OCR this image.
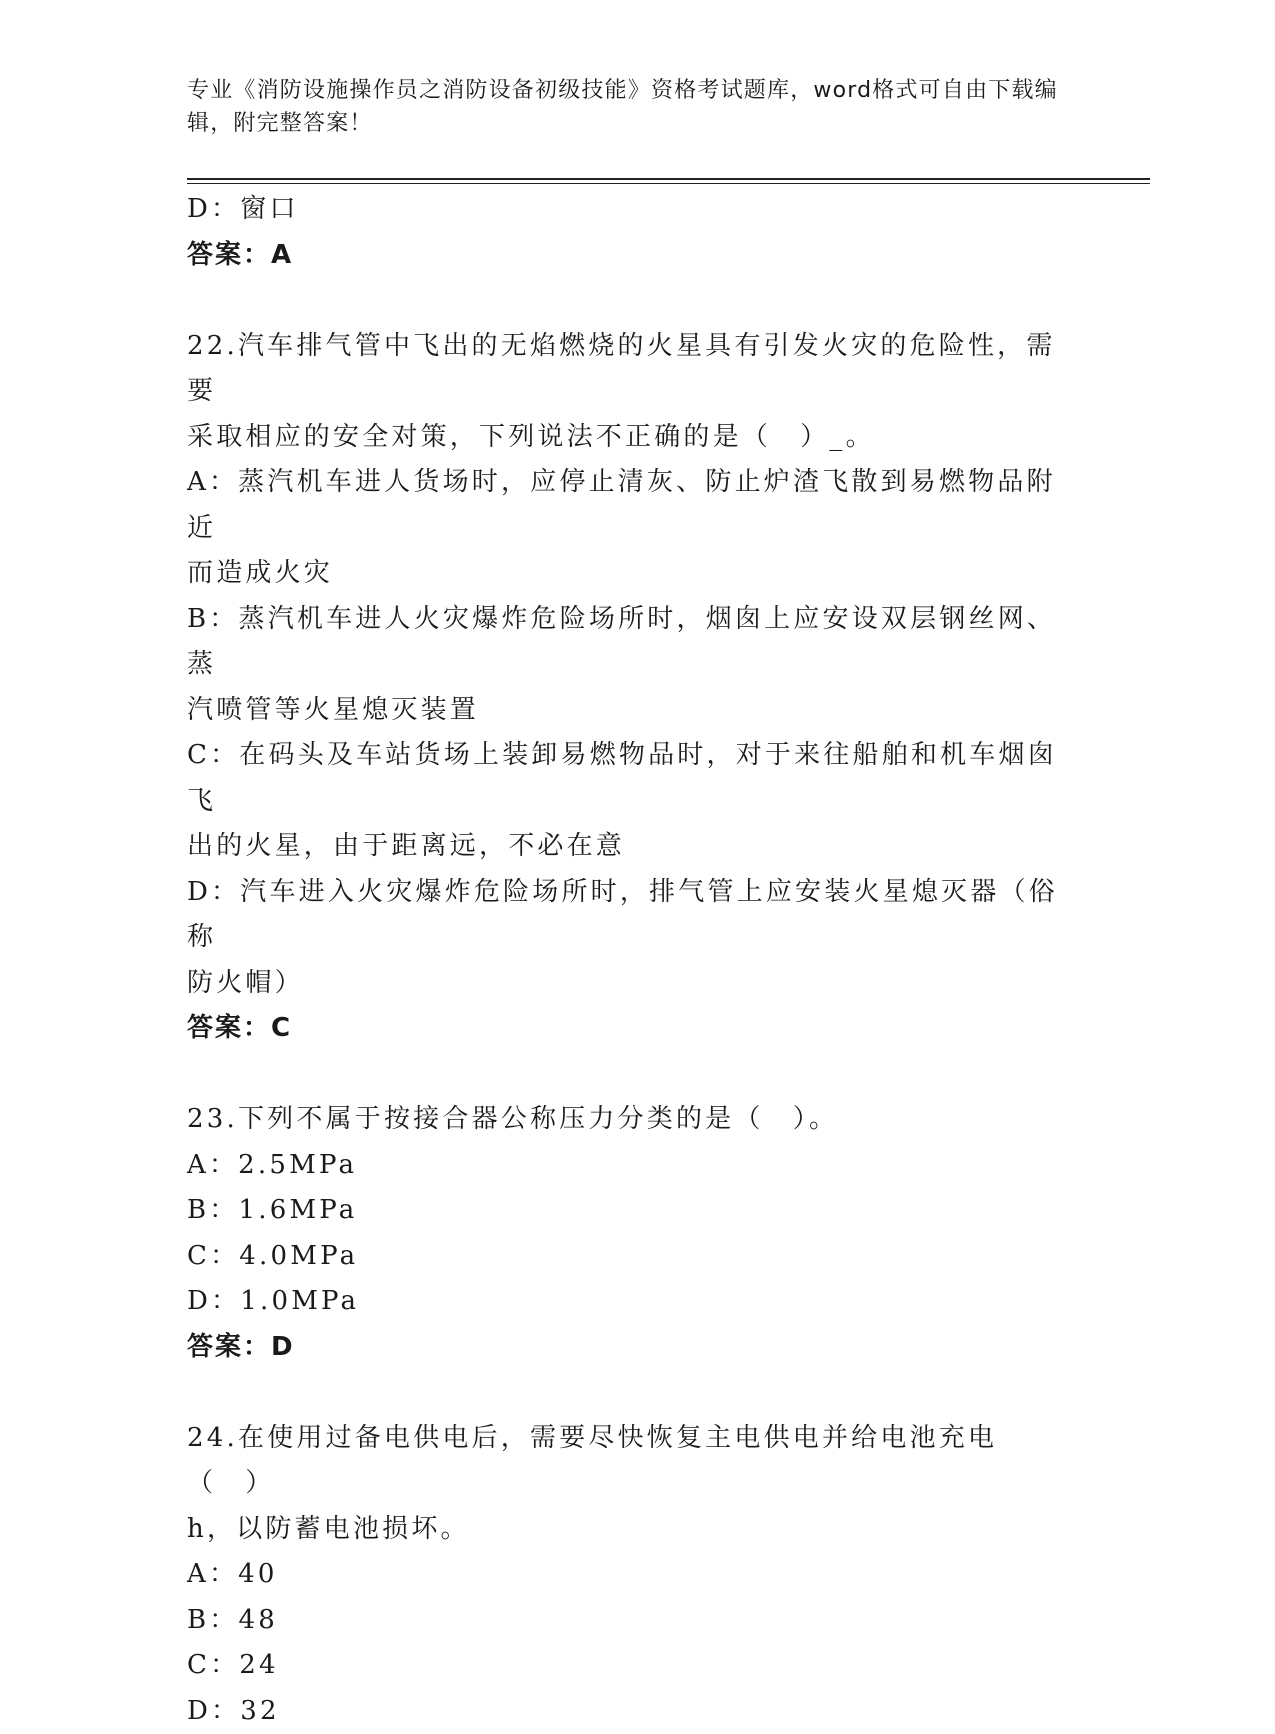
专业《消防设施操作员之消防设备初级技能》资格考试题库，word格式可自由下载编辑，附完整答案！

D：窗口

答案：A

22.汽车排气管中飞出的无焰燃烧的火星具有引发火灾的危险性，需要

采取相应的安全对策，下列说法不正确的是（　）_。

A：蒸汽机车进人货场时，应停止清灰、防止炉渣飞散到易燃物品附近

而造成火灾

B：蒸汽机车进人火灾爆炸危险场所时，烟囱上应安设双层钢丝网、蒸

汽喷管等火星熄灭装置

C：在码头及车站货场上装卸易燃物品时，对于来往船舶和机车烟囱飞

出的火星，由于距离远，不必在意

D：汽车进入火灾爆炸危险场所时，排气管上应安装火星熄灭器（俗称

防火帽）

答案：C

23.下列不属于按接合器公称压力分类的是（　）。

A：2.5MPa

B：1.6MPa

C：4.0MPa

D：1.0MPa

答案：D

24.在使用过备电供电后，需要尽快恢复主电供电并给电池充电（　）

h，以防蓄电池损坏。

A：40

B：48

C：24

D：32
